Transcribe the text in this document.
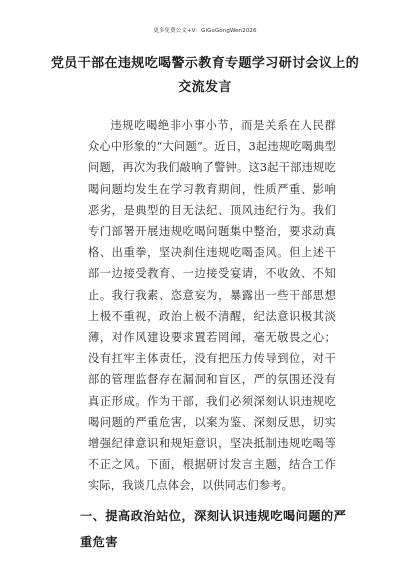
更多免费公文+V：GiGoGongWen2026
党员干部在违规吃喝警示教育专题学习研讨会议上的交流发言

违规吃喝绝非小事小节，而是关系在人民群众心中形象的“大问题”。近日，3起违规吃喝典型问题，再次为我们敲响了警钟。这3起干部违规吃喝问题均发生在学习教育期间，性质严重、影响恶劣，是典型的目无法纪、顶风违纪行为。我们专门部署开展违规吃喝问题集中整治，要求动真格、出重拳，坚决刹住违规吃喝歪风。但上述干部一边接受教育、一边接受宴请，不收敛、不知止。我行我素、恣意妄为，暴露出一些干部思想上极不重视，政治上极不清醒，纪法意识极其淡薄，对作风建设要求置若罔闻，毫无敬畏之心；没有扛牢主体责任，没有把压力传导到位，对干部的管理监督存在漏洞和盲区，严的氛围还没有真正形成。作为干部，我们必须深刻认识违规吃喝问题的严重危害，以案为鉴、深刻反思，切实增强纪律意识和规矩意识，坚决抵制违规吃喝等不正之风。下面，根据研讨发言主题，结合工作实际，我谈几点体会，以供同志们参考。

一、提高政治站位，深刻认识违规吃喝问题的严重危害
